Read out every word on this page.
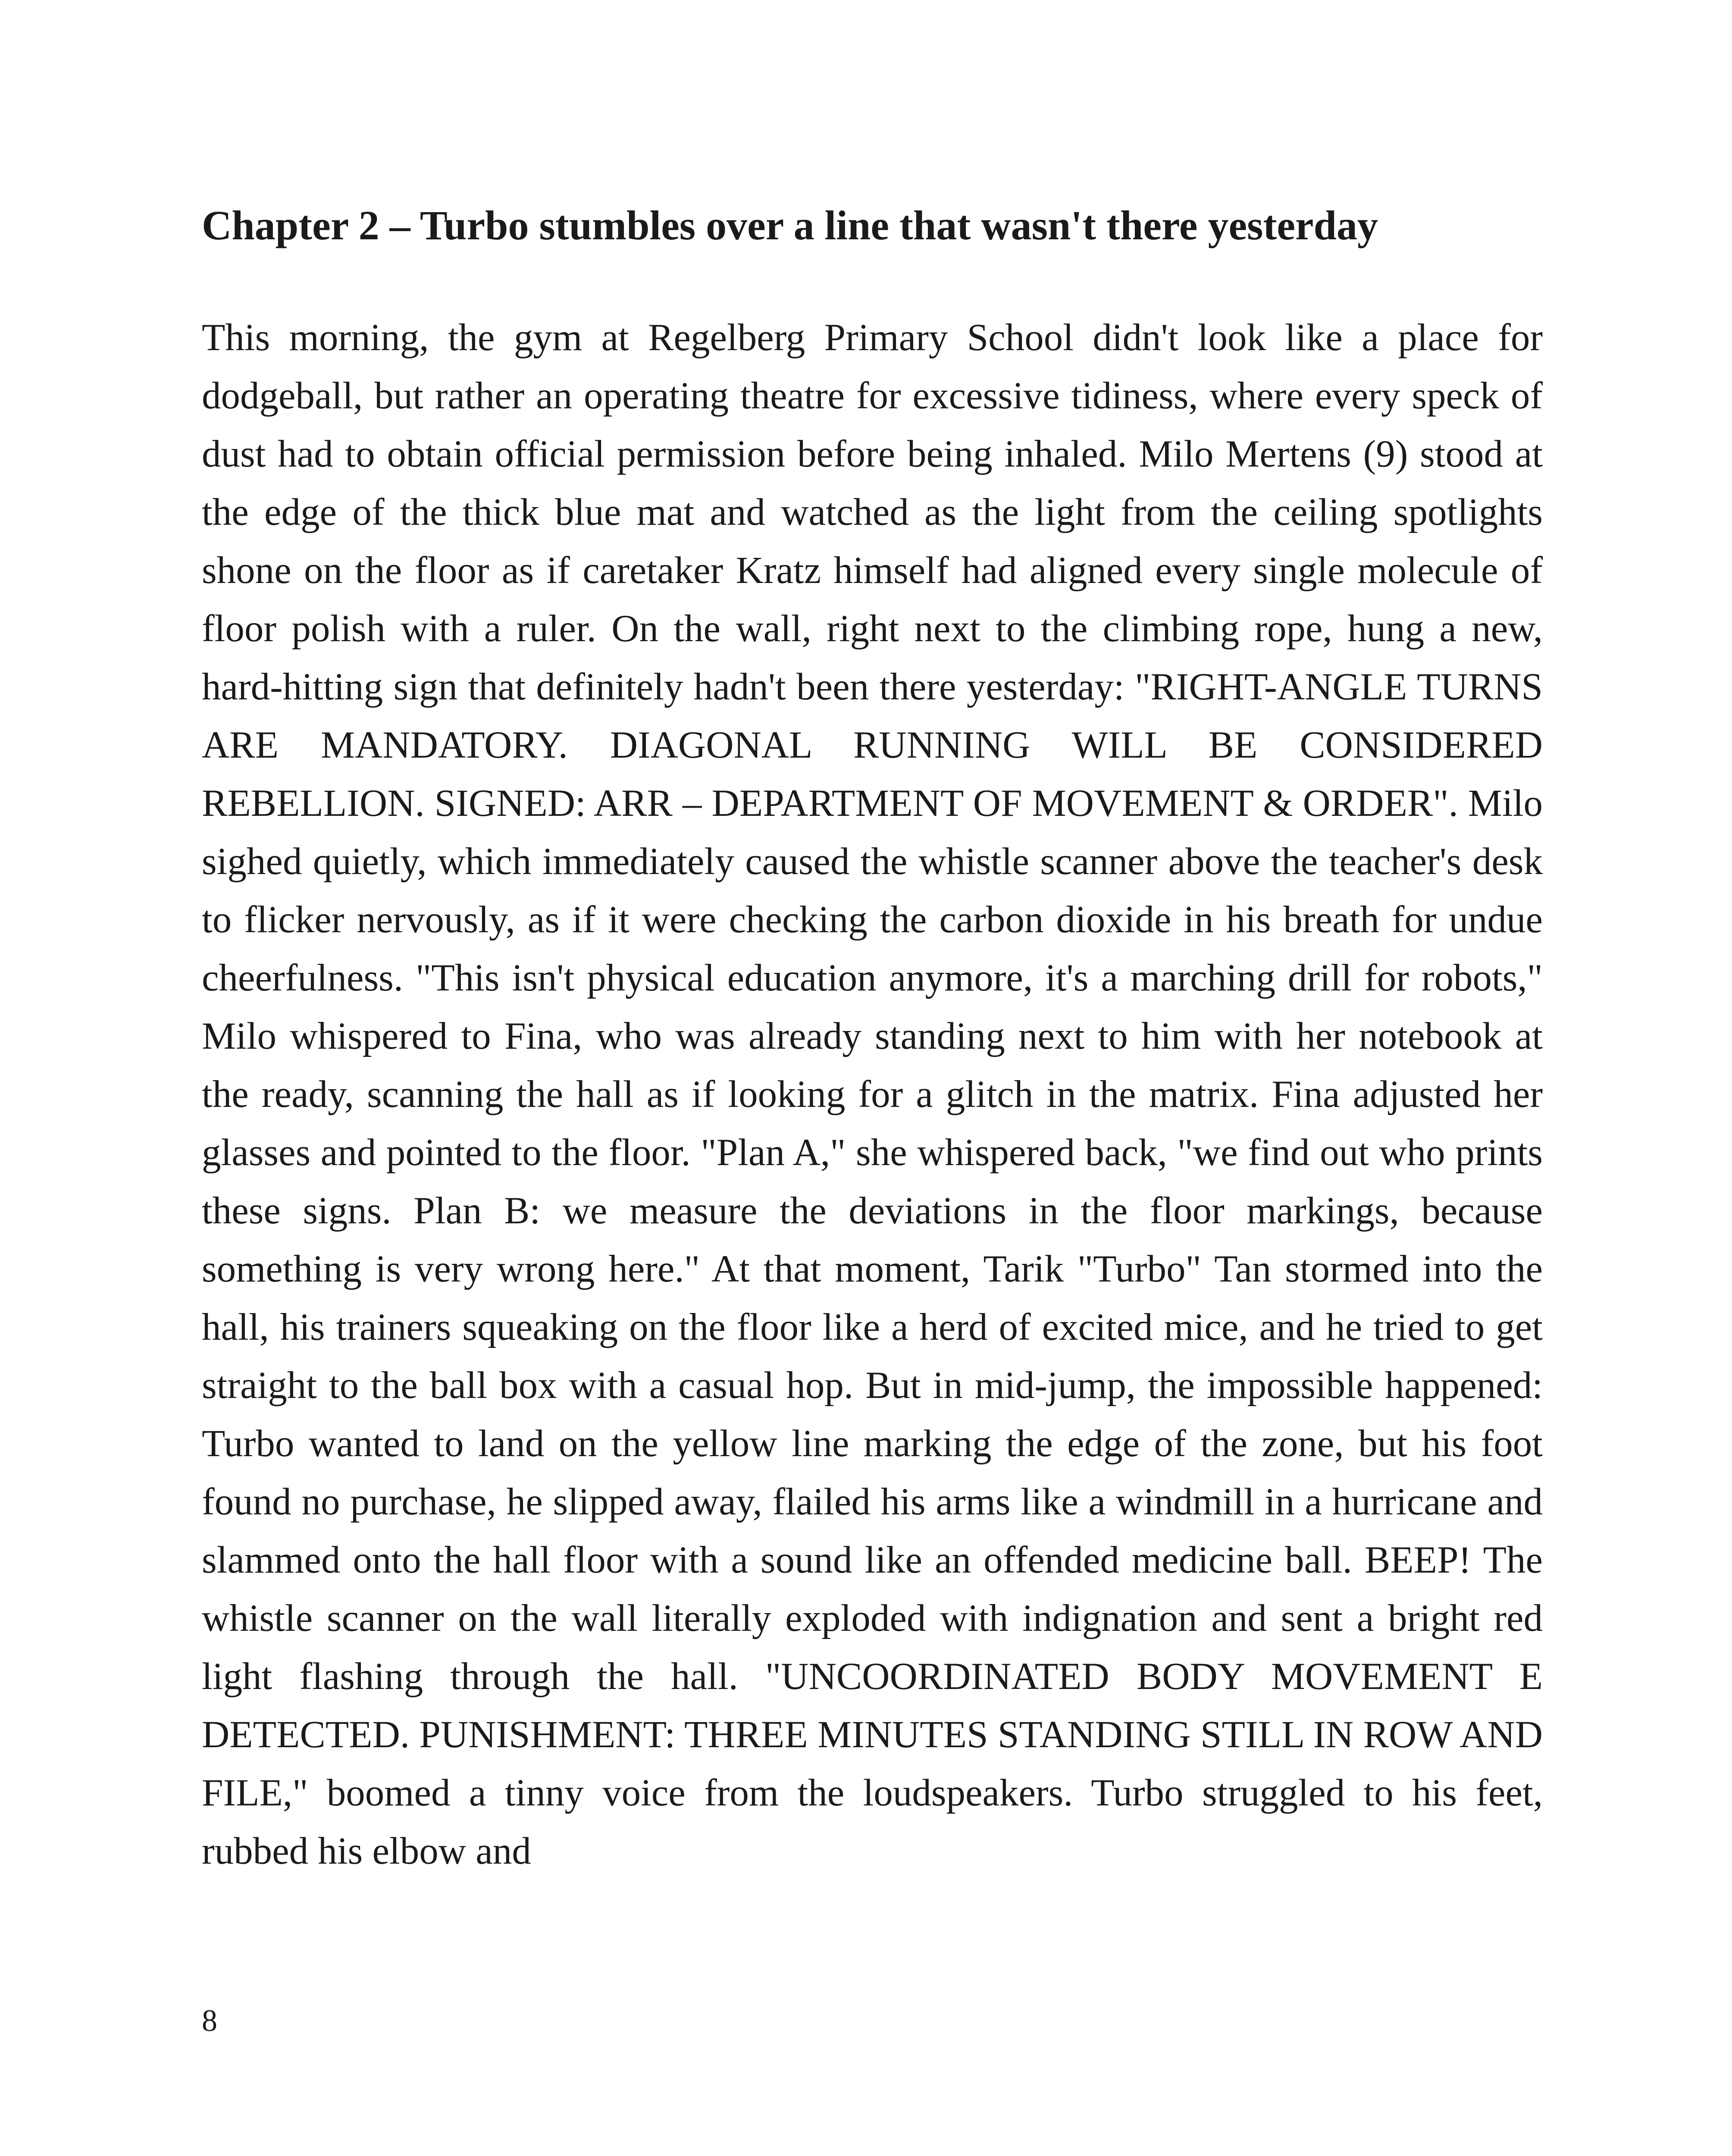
Chapter 2 – Turbo stumbles over a line that wasn't there yesterday

This morning, the gym at Regelberg Primary School didn't look like a place for dodgeball, but rather an operating theatre for excessive tidiness, where every speck of dust had to obtain official permission before being inhaled. Milo Mertens (9) stood at the edge of the thick blue mat and watched as the light from the ceiling spotlights shone on the floor as if caretaker Kratz himself had aligned every single molecule of floor polish with a ruler. On the wall, right next to the climbing rope, hung a new, hard-hitting sign that definitely hadn't been there yesterday: "RIGHT-ANGLE TURNS ARE MANDATORY. DIAGONAL RUNNING WILL BE CONSIDERED REBELLION. SIGNED: ARR – DEPARTMENT OF MOVEMENT & ORDER". Milo sighed quietly, which immediately caused the whistle scanner above the teacher's desk to flicker nervously, as if it were checking the carbon dioxide in his breath for undue cheerfulness. "This isn't physical education anymore, it's a marching drill for robots," Milo whispered to Fina, who was already standing next to him with her notebook at the ready, scanning the hall as if looking for a glitch in the matrix. Fina adjusted her glasses and pointed to the floor. "Plan A," she whispered back, "we find out who prints these signs. Plan B: we measure the deviations in the floor markings, because something is very wrong here." At that moment, Tarik "Turbo" Tan stormed into the hall, his trainers squeaking on the floor like a herd of excited mice, and he tried to get straight to the ball box with a casual hop. But in mid-jump, the impossible happened: Turbo wanted to land on the yellow line marking the edge of the zone, but his foot found no purchase, he slipped away, flailed his arms like a windmill in a hurricane and slammed onto the hall floor with a sound like an offended medicine ball. BEEP! The whistle scanner on the wall literally exploded with indignation and sent a bright red light flashing through the hall. "UNCOORDINATED BODY MOVEMENT E DETECTED. PUNISHMENT: THREE MINUTES STANDING STILL IN ROW AND FILE," boomed a tinny voice from the loudspeakers. Turbo struggled to his feet, rubbed his elbow and

8
